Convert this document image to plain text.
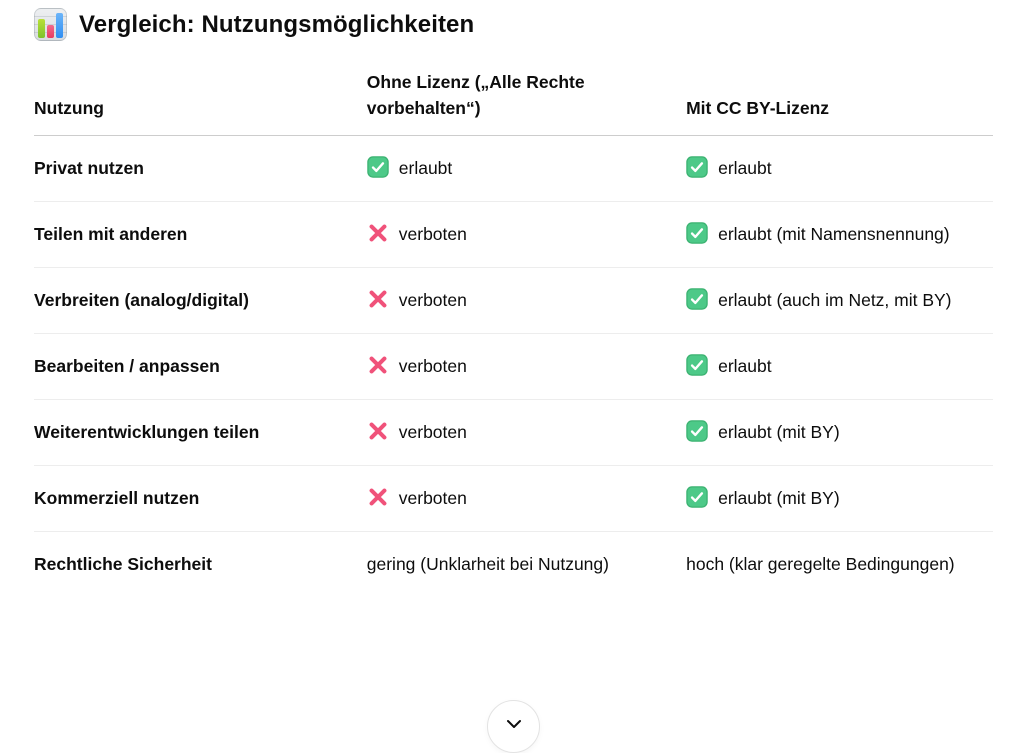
Vergleich: Nutzungsmöglichkeiten
Nutzung	Ohne Lizenz („Alle Rechte vorbehalten“)	Mit CC BY-Lizenz
Privat nutzen	erlaubt	erlaubt
Teilen mit anderen	verboten	erlaubt (mit Namensnennung)
Verbreiten (analog/digital)	verboten	erlaubt (auch im Netz, mit BY)
Bearbeiten / anpassen	verboten	erlaubt
Weiterentwicklungen teilen	verboten	erlaubt (mit BY)
Kommerziell nutzen	verboten	erlaubt (mit BY)
Rechtliche Sicherheit	gering (Unklarheit bei Nutzung)	hoch (klar geregelte Bedingungen)
